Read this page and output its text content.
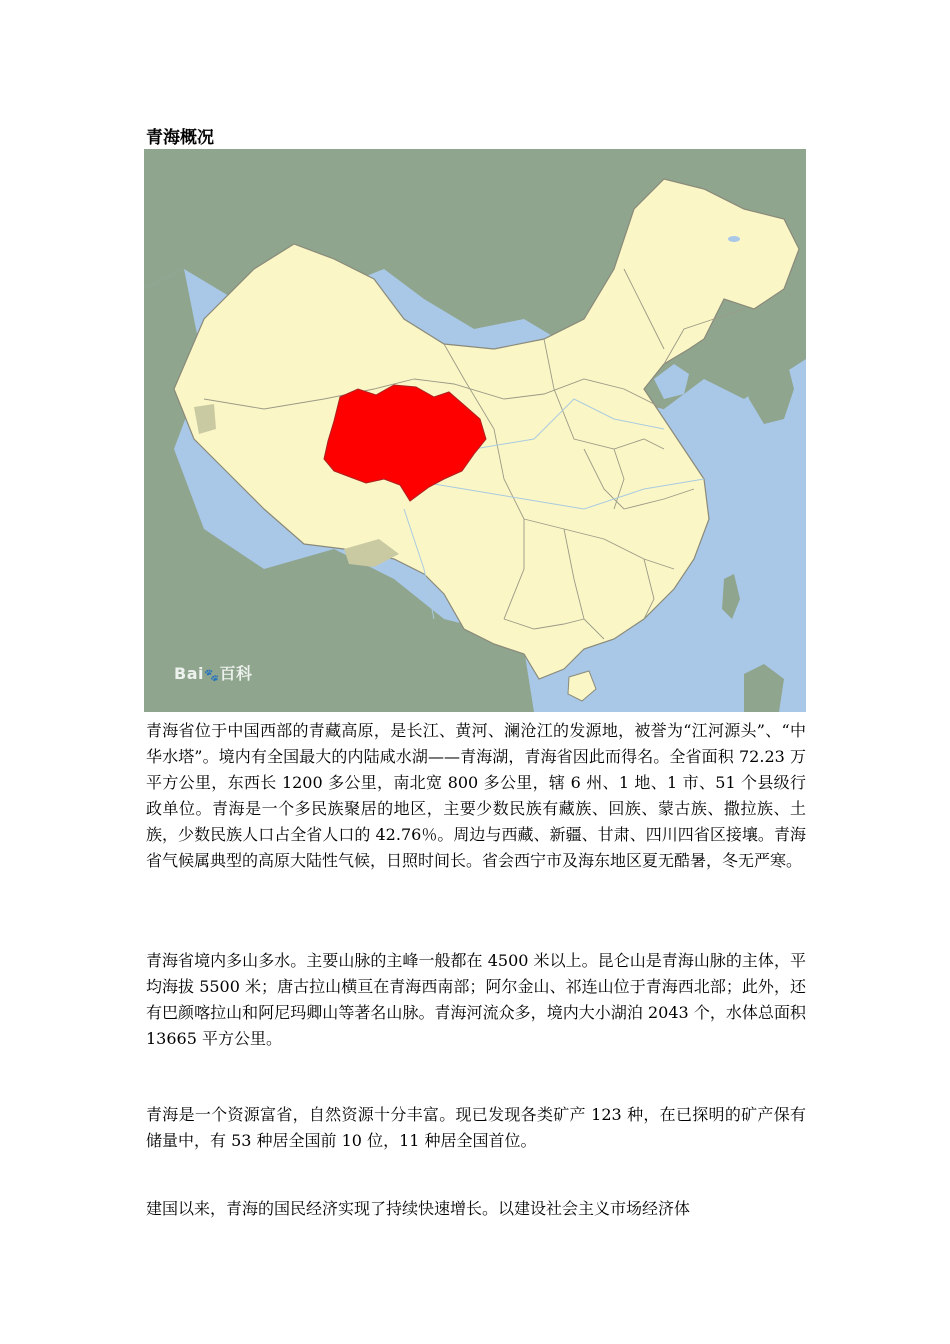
青海概况
Bai🐾百科

青海省位于中国西部的青藏高原，是长江、黄河、澜沧江的发源地，被誉为“江河源头”、“中华水塔”。境内有全国最大的内陆咸水湖——青海湖，青海省因此而得名。全省面积 72.23 万平方公里，东西长 1200 多公里，南北宽 800 多公里，辖 6 州、1 地、1 市、51 个县级行政单位。青海是一个多民族聚居的地区，主要少数民族有藏族、回族、蒙古族、撒拉族、土族，少数民族人口占全省人口的 42.76％。周边与西藏、新疆、甘肃、四川四省区接壤。青海省气候属典型的高原大陆性气候，日照时间长。省会西宁市及海东地区夏无酷暑，冬无严寒。

青海省境内多山多水。主要山脉的主峰一般都在 4500 米以上。昆仑山是青海山脉的主体，平均海拔 5500 米；唐古拉山横亘在青海西南部；阿尔金山、祁连山位于青海西北部；此外，还有巴颜喀拉山和阿尼玛卿山等著名山脉。青海河流众多，境内大小湖泊 2043 个，水体总面积 13665 平方公里。

青海是一个资源富省，自然资源十分丰富。现已发现各类矿产 123 种，在已探明的矿产保有储量中，有 53 种居全国前 10 位，11 种居全国首位。

建国以来，青海的国民经济实现了持续快速增长。以建设社会主义市场经济体
